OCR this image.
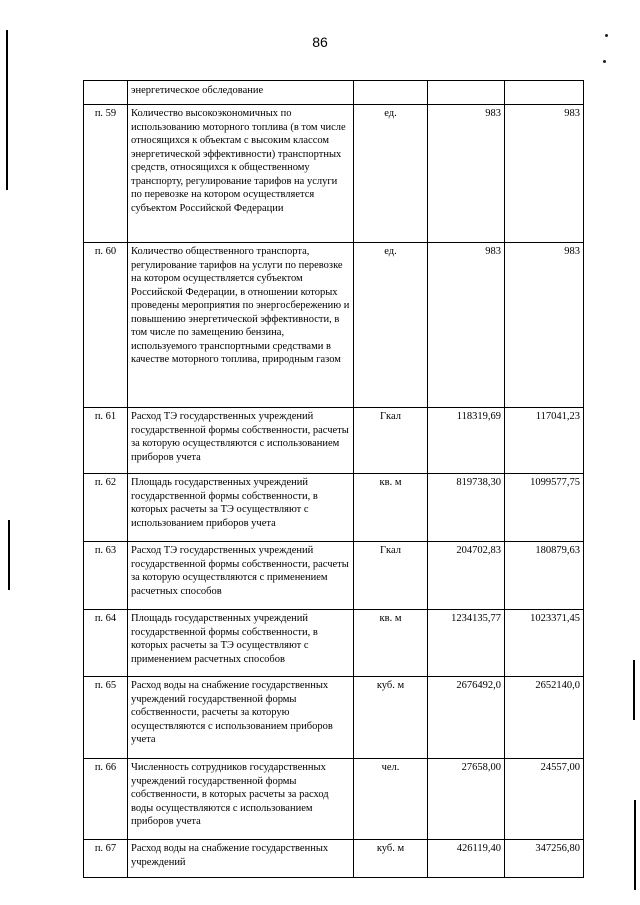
86
	энергетическое обследование			
п. 59	Количество высокоэкономичных по использованию моторного топлива (в том числе относящихся к объектам с высоким классом энергетической эффективности) транспортных средств, относящихся к общественному транспорту, регулирование тарифов на услуги по перевозке на котором осуществляется субъектом Российской Федерации	ед.	983	983
п. 60	Количество общественного транспорта, регулирование тарифов на услуги по перевозке на котором осуществляется субъектом Российской Федерации, в отношении которых проведены мероприятия по энергосбережению и повышению энергетической эффективности, в том числе по замещению бензина, используемого транспортными средствами в качестве моторного топлива, природным газом	ед.	983	983
п. 61	Расход ТЭ государственных учреждений государственной формы собственности, расчеты за которую осуществляются с использованием приборов учета	Гкал	118319,69	117041,23
п. 62	Площадь государственных учреждений государственной формы собственности, в которых расчеты за ТЭ осуществляют с использованием приборов учета	кв. м	819738,30	1099577,75
п. 63	Расход ТЭ государственных учреждений государственной формы собственности, расчеты за которую осуществляются с применением расчетных способов	Гкал	204702,83	180879,63
п. 64	Площадь государственных учреждений государственной формы собственности, в которых расчеты за ТЭ осуществляют с применением расчетных способов	кв. м	1234135,77	1023371,45
п. 65	Расход воды на снабжение государственных учреждений государственной формы собственности, расчеты за которую осуществляются с использованием приборов учета	куб. м	2676492,0	2652140,0
п. 66	Численность сотрудников государственных учреждений государственной формы собственности, в которых расчеты за расход воды осуществляются с использованием приборов учета	чел.	27658,00	24557,00
п. 67	Расход воды на снабжение государственных учреждений	куб. м	426119,40	347256,80
